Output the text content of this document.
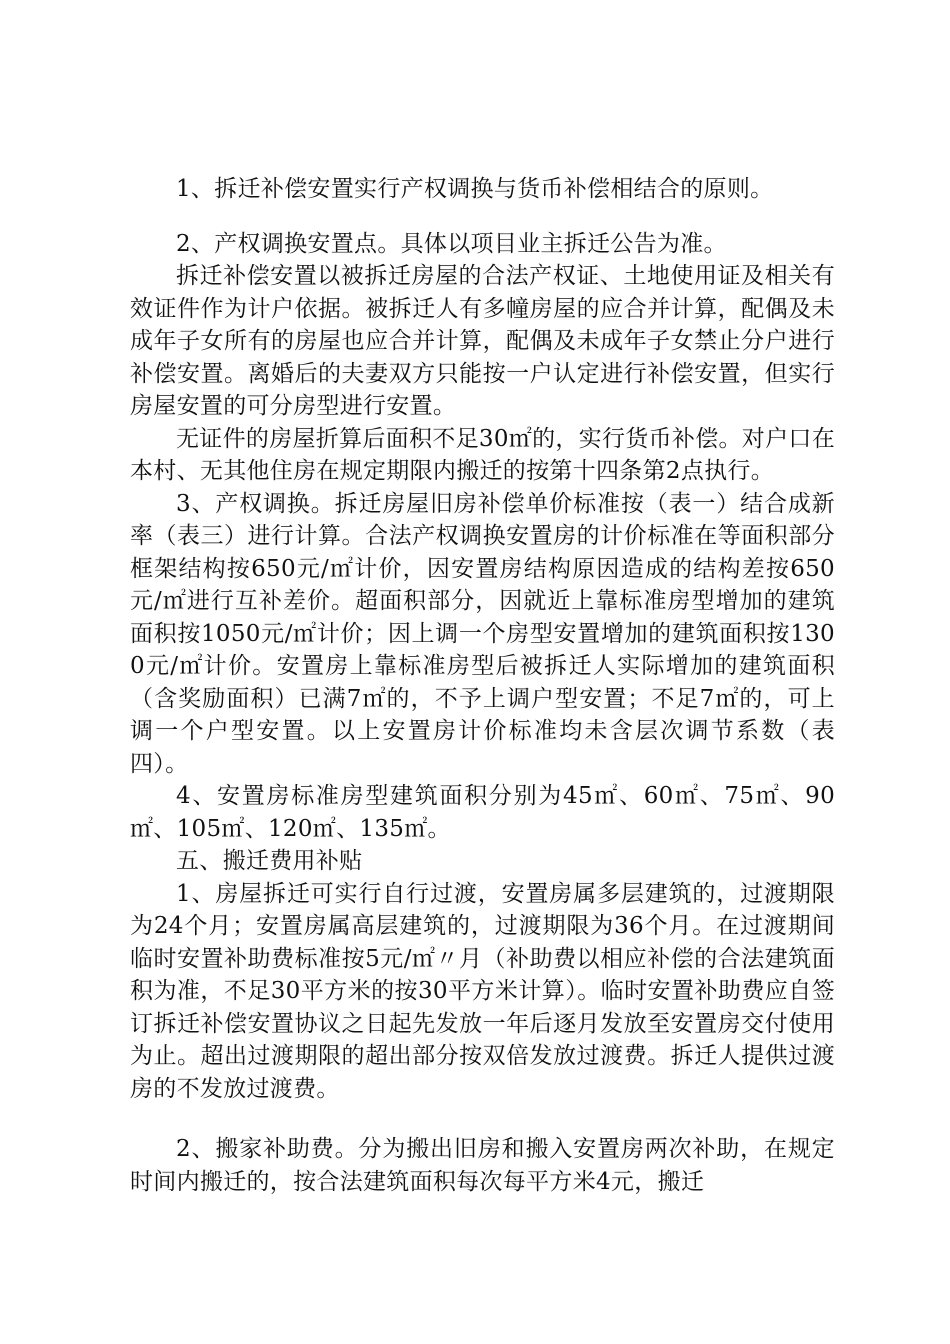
1、拆迁补偿安置实行产权调换与货币补偿相结合的原则。

2、产权调换安置点。具体以项目业主拆迁公告为准。

拆迁补偿安置以被拆迁房屋的合法产权证、土地使用证及相关有效证件作为计户依据。被拆迁人有多幢房屋的应合并计算，配偶及未成年子女所有的房屋也应合并计算，配偶及未成年子女禁止分户进行补偿安置。离婚后的夫妻双方只能按一户认定进行补偿安置，但实行房屋安置的可分房型进行安置。

无证件的房屋折算后面积不足30㎡的，实行货币补偿。对户口在本村、无其他住房在规定期限内搬迁的按第十四条第2点执行。

3、产权调换。拆迁房屋旧房补偿单价标准按（表一）结合成新率（表三）进行计算。合法产权调换安置房的计价标准在等面积部分框架结构按650元/㎡计价，因安置房结构原因造成的结构差按650元/㎡进行互补差价。超面积部分，因就近上靠标准房型增加的建筑面积按1050元/㎡计价；因上调一个房型安置增加的建筑面积按1300元/㎡计价。安置房上靠标准房型后被拆迁人实际增加的建筑面积（含奖励面积）已满7㎡的，不予上调户型安置；不足7㎡的，可上调一个户型安置。以上安置房计价标准均未含层次调节系数（表四）。

4、安置房标准房型建筑面积分别为45㎡、60㎡、75㎡、90㎡、105㎡、120㎡、135㎡。

五、搬迁费用补贴

1、房屋拆迁可实行自行过渡，安置房属多层建筑的，过渡期限为24个月；安置房属高层建筑的，过渡期限为36个月。在过渡期间临时安置补助费标准按5元/㎡〃月（补助费以相应补偿的合法建筑面积为准，不足30平方米的按30平方米计算）。临时安置补助费应自签订拆迁补偿安置协议之日起先发放一年后逐月发放至安置房交付使用为止。超出过渡期限的超出部分按双倍发放过渡费。拆迁人提供过渡房的不发放过渡费。

2、搬家补助费。分为搬出旧房和搬入安置房两次补助，在规定时间内搬迁的，按合法建筑面积每次每平方米4元，搬迁
